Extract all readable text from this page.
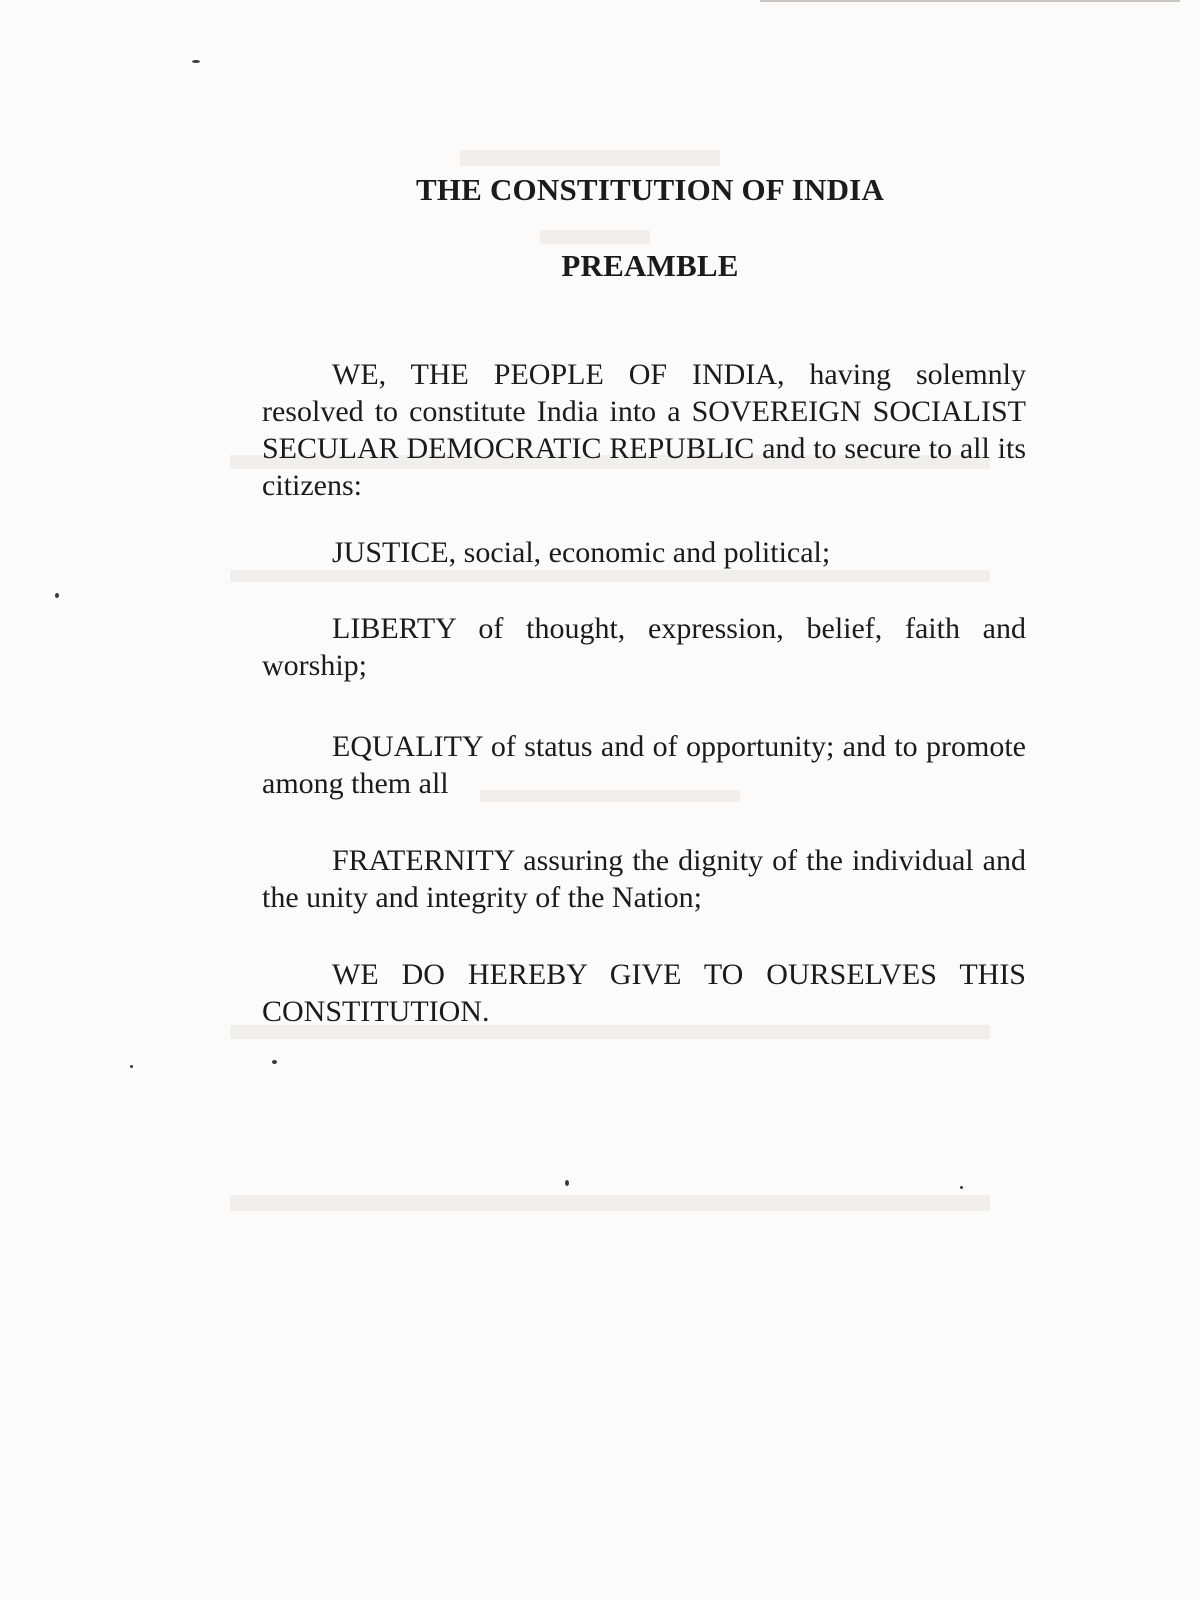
THE CONSTITUTION OF INDIA
PREAMBLE

WE, THE PEOPLE OF INDIA, having solemnly resolved to constitute India into a SOVEREIGN SOCIALIST SECULAR DEMOCRATIC REPUBLIC and to secure to all its citizens:

JUSTICE, social, economic and political;

LIBERTY of thought, expression, belief, faith and worship;

EQUALITY of status and of opportunity; and to promote among them all

FRATERNITY assuring the dignity of the individual and the unity and integrity of the Nation;

WE DO HEREBY GIVE TO OURSELVES THIS CONSTITUTION.
